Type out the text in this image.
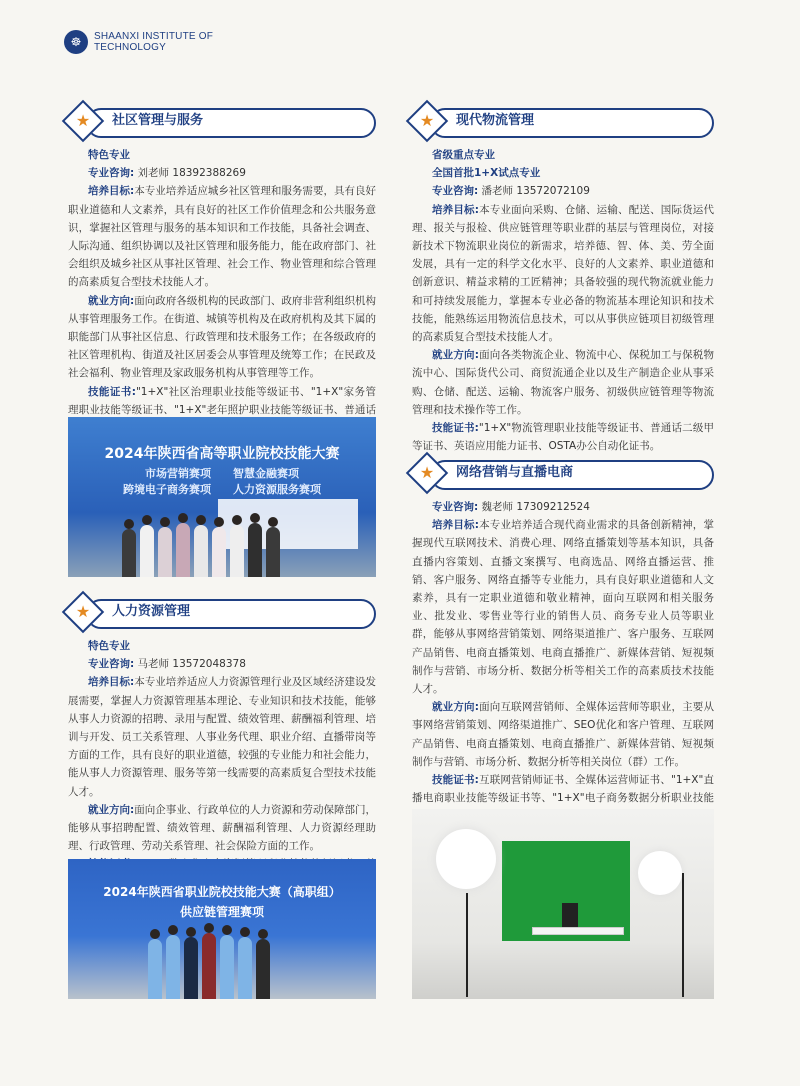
☸	SHAANXI INSTITUTE OF
TECHNOLOGY
★	社区管理与服务

特色专业

专业咨询: 刘老师 18392388269

培养目标:本专业培养适应城乡社区管理和服务需要，具有良好职业道德和人文素养，具有良好的社区工作价值理念和公共服务意识，掌握社区管理与服务的基本知识和工作技能，具备社会调查、人际沟通、组织协调以及社区管理和服务能力，能在政府部门、社会组织及城乡社区从事社区管理、社会工作、物业管理和综合管理的高素质复合型技术技能人才。

就业方向:面向政府各级机构的民政部门、政府非营利组织机构从事管理服务工作。在街道、城镇等机构及在政府机构及其下属的职能部门从事社区信息、行政管理和技术服务工作；在各级政府的社区管理机构、街道及社区居委会从事管理及统筹工作；在民政及社会福利、物业管理及家政服务机构从事管理等工作。

技能证书:"1+X"社区治理职业技能等级证书、"1+X"家务管理职业技能等级证书、"1+X"老年照护职业技能等级证书、普通话

2024年陕西省高等职业院校技能大赛
市场营销赛项　　智慧金融赛项
跨境电子商务赛项　　人力资源服务赛项
★	人力资源管理

特色专业

专业咨询: 马老师 13572048378

培养目标:本专业培养适应人力资源管理行业及区域经济建设发展需要，掌握人力资源管理基本理论、专业知识和技术技能，能够从事人力资源的招聘、录用与配置、绩效管理、薪酬福利管理、培训与开发、员工关系管理、人事业务代理、职业介绍、直播带岗等方面的工作，具有良好的职业道德，较强的专业能力和社会能力，能从事人力资源管理、服务等第一线需要的高素质复合型技术技能人才。

就业方向:面向企事业、行政单位的人力资源和劳动保障部门，能够从事招聘配置、绩效管理、薪酬福利管理、人力资源经理助理、行政管理、劳动关系管理、社会保险方面的工作。

2024年陕西省职业院校技能大赛（高职组）
供应链管理赛项
★	现代物流管理

省级重点专业

全国首批1+X试点专业

专业咨询: 潘老师 13572072109

培养目标:本专业面向采购、仓储、运输、配送、国际货运代理、报关与报检、供应链管理等职业群的基层与管理岗位，对接新技术下物流职业岗位的新需求，培养德、智、体、美、劳全面发展，具有一定的科学文化水平、良好的人文素养、职业道德和创新意识、精益求精的工匠精神；具备较强的现代物流就业能力和可持续发展能力，掌握本专业必备的物流基本理论知识和技术技能，能熟练运用物流信息技术，可以从事供应链项目初级管理的高素质复合型技术技能人才。

就业方向:面向各类物流企业、物流中心、保税加工与保税物流中心、国际货代公司、商贸流通企业以及生产制造企业从事采购、仓储、配送、运输、物流客户服务、初级供应链管理等物流管理和技术操作等工作。

技能证书:"1+X"物流管理职业技能等级证书、普通话二级甲等证书、英语应用能力证书、OSTA办公自动化证书。

★	网络营销与直播电商

专业咨询: 魏老师 17309212524

培养目标:本专业培养适合现代商业需求的具备创新精神，掌握现代互联网技术、消费心理、网络直播策划等基本知识，具备直播内容策划、直播文案撰写、电商选品、网络直播运营、推销、客户服务、网络直播等专业能力，具有良好职业道德和人文素养，具有一定职业道德和敬业精神，面向互联网和相关服务业、批发业、零售业等行业的销售人员、商务专业人员等职业群，能够从事网络营销策划、网络渠道推广、客户服务、互联网产品销售、电商直播策划、电商直播推广、新媒体营销、短视频制作与营销、市场分析、数据分析等相关工作的高素质技术技能人才。

就业方向:面向互联网营销师、全媒体运营师等职业，主要从事网络营销策划、网络渠道推广、SEO优化和客户管理、互联网产品销售、电商直播策划、电商直播推广、新媒体营销、短视频制作与营销、市场分析、数据分析等相关岗位（群）工作。

技能证书:互联网营销师证书、全媒体运营师证书、"1+X"直播电商职业技能等级证书等、"1+X"电子商务数据分析职业技能
